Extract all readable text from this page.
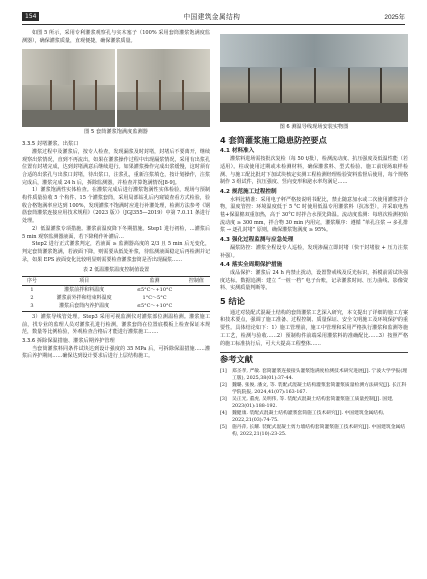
154	中国建筑金属结构	2025年

如图 5 所示，采用专利灌浆观察孔与实木塞子（100% 采用套筒灌浆饱满度监测器），确保灌浆质量，直观便捷，确保灌浆质量。

图 5 套筒灌浆饱满度监测器
3.3.5 封堵灌浆、出浆口

灌浆过程中及灌浆后，按专人检查，发现漏浆及时封堵，封堵后不要离开，继续观察出浆情况，直到不再流出，如果在灌浆操作过程中出现漏浆情况，采用有出浆孔位置有封堵完成，达到封堵满意后继续进行。如果灌浆操作完成出浆缓慢，这时须有合适的出浆孔与出浆口封堵，待出浆口，注浆孔，重新注浆填仓，按计划操作，注浆完成后，灌浆完成 24 h 后，拆除监测器，并检查并算饱满情况[8-9]。

1）灌浆饱满性实体检查。在灌浆完成后进行灌浆饱满性实体检验，现场与预制构件质量验收 5 个构件、15 个灌浆套筒，采用局部钻孔后内窥镜查看方式检验，验收合格饱满率应达到 100%，发现灌浆不饱满时应进行补灌处理，检测方法参考《钢筋套筒灌浆连接应用技术规程》（2023 版）》（JGJ355—2019）中第 7.0.11 条进行处理。

2）低温灌浆专项措施。灌浆前温度降下冬期措施。Step1 进行初检，…灌浆后 5 min 观察监测器液面，若下降稍作补灌后…

Step2 进行正式灌浆判定，若液面 ≥ 监测器高度的 2/3 且 5 min 后无变化，判定套筒灌浆饱满，若液面下降，则需要从低处补浆，待监测液面稳定后再检测并记录，如果 EPS 液面变化比较明显则需要检查灌浆套筒是否出现漏浆……

表 2 低温灌浆温度控制值设置
序号	项目	监测	控制值
1	灌浆前拌和料温度	≤5°C～+10°C	
2	灌浆前外拌和结束料温度	1°C～5°C	
3	灌浆后套筒内养护温度	≤5°C～+10°C	

3）灌浆导线管处理。Step3 采用可视监测仪对灌浆部位测温检测。灌浆施工前，找专业的监理人员对灌浆孔进行检测，灌浆套筒在位置底模板上检查保证本规范，数量等比例检验，外观检查合格后才能进行灌浆施工……

3.3.6 拆除保温措施、灌浆后期养护管理

当套筒灌浆料同条件试块达到设计强度的 35 MPa 后，可拆除保温措施……灌浆后养护期间……确保达到设计要求后进行上层结构施工。

图 6 测温导线现场安装实物图
4 套筒灌浆施工隐患防控要点
4.1 材料准入

灌浆料进场需按批次复检（每 50 t/批），检测流动度、抗压强度及低温性能（若适用）。柱或使用过期或未检测材料，确保灌浆料、型式检验、施工前现场取样检测、与施工配比批对下加试块核定实测工程检测经理检验资料监督后使用，每个规格制作 3 组试件，抗压强度、竖向变形和泌水率均满足……

4.2 规范施工过程控制

水料比精准：采用电子秤严格按说明书配比，禁止随意加水或二次使用灌浆拌合物，温度管控：环境温度低于 5 °C 时使用低温专用灌浆料（抗冻型），并采取电热毯+保温棉双重加热，高于 30°C 时拌合水预先降温。流动度监测：每班次检测初始流动度 ≥ 300 mm，拌合物 30 min 内用完，灌浆顺序：遵循 “单孔注浆 → 多孔排浆 → 逐孔封堵” 原则，确保灌浆饱满度 ≥ 95%。

4.3 强化过程监测与应急处理

漏浆防控：灌浆全程设专人巡检，发现渗漏立即封堵（快干封堵胶 + 压力注浆补强）。

4.4 落实全周期保护措施

成品保护：灌浆后 24 h 内禁止扰动，设置警戒线及反光标识，拆模前需试块强度达标。数据追溯：建立 “一桩一档” 电子台账，记录灌浆时间、压力曲线、影像资料、实测质量判断等。

5 结论

通过对装配式混凝土结构的套筒灌浆工艺深入研究，本文提出了详细的施工方案和技术要点，强调了施工准备、过程控制、质量保证、安全文明施工及环境保护的重要性。具体结论如下：1）施工管理前，施工中管理和采用严格执行灌浆和监测等施工工艺，检测与验收……2）预制构件前端采用灌浆料的准确配比……3）按照严格的施工标准执行后，可大大提高工程整体……

参考文献

[1] 郑圣孝, 严敏. 套筒灌浆连接接头灌浆饱满度检测技术研究进展[J]. 宁波大学学报(理工版), 2025,38(01):37-44.

[2] 魏璐, 张俊, 潘文, 等. 装配式混凝土结构灌浆套筒灌浆质量检测方法研究[J]. 长江科学院院报, 2024,41(07):163-167.

[3] 吴正光, 董虎, 吴明伟, 等. 装配式混凝土结构套筒灌浆施工质量控制[J]. 国建, 2023(01):188-192.

[4] 魏健康. 装配式混凝土结构灌浆套筒施工技术研究[J]. 中国建筑金属结构, 2022,21(03):74-75.

[5] 施丹萍, 长耀. 装配式混凝土剪力墙结构套筒灌浆施工技术研究[J]. 中国建筑金属结构, 2022,21(10):23-25.
